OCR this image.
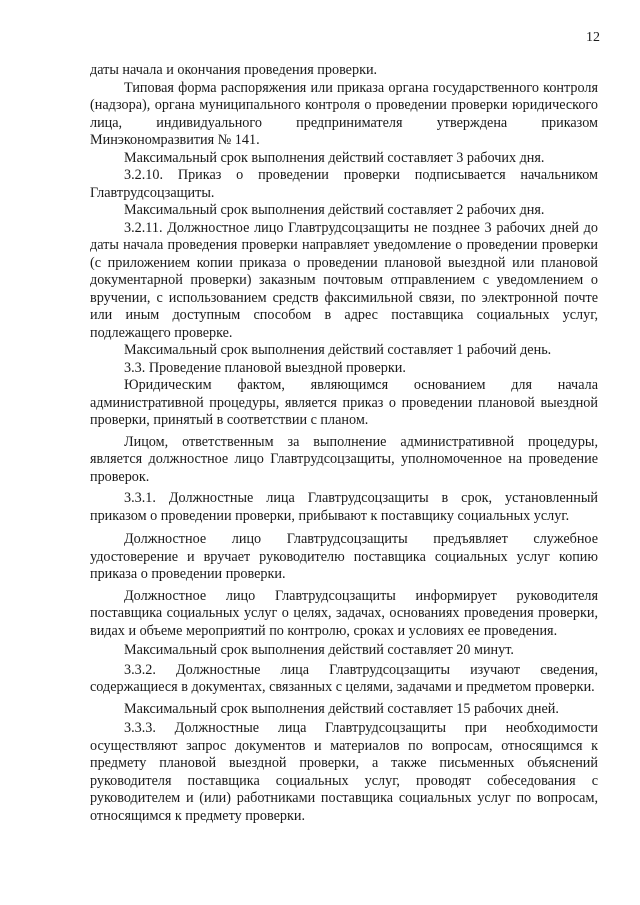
12

даты начала и окончания проведения проверки.

Типовая форма распоряжения или приказа органа государственного контроля (надзора), органа муниципального контроля о проведении проверки юридического лица, индивидуального предпринимателя утверждена приказом Минэкономразвития № 141.

Максимальный срок выполнения действий составляет 3 рабочих дня.

3.2.10. Приказ о проведении проверки подписывается начальником Главтрудсоцзащиты.

Максимальный срок выполнения действий составляет 2 рабочих дня.

3.2.11. Должностное лицо Главтрудсоцзащиты не позднее 3 рабочих дней до даты начала проведения проверки направляет уведомление о проведении проверки (с приложением копии приказа о проведении плановой выездной или плановой документарной проверки) заказным почтовым отправлением с уведомлением о вручении, с использованием средств факсимильной связи, по электронной почте или иным доступным способом в адрес поставщика социальных услуг, подлежащего проверке.

Максимальный срок выполнения действий составляет 1 рабочий день.

3.3. Проведение плановой выездной проверки.

Юридическим фактом, являющимся основанием для начала административной процедуры, является приказ о проведении плановой выездной проверки, принятый в соответствии с планом.

Лицом, ответственным за выполнение административной процедуры, является должностное лицо Главтрудсоцзащиты, уполномоченное на проведение проверок.

3.3.1. Должностные лица Главтрудсоцзащиты в срок, установленный приказом о проведении проверки, прибывают к поставщику социальных услуг.

Должностное лицо Главтрудсоцзащиты предъявляет служебное удостоверение и вручает руководителю поставщика социальных услуг копию приказа о проведении проверки.

Должностное лицо Главтрудсоцзащиты информирует руководителя поставщика социальных услуг о целях, задачах, основаниях проведения проверки, видах и объеме мероприятий по контролю, сроках и условиях ее проведения.

Максимальный срок выполнения действий составляет 20 минут.

3.3.2. Должностные лица Главтрудсоцзащиты изучают сведения, содержащиеся в документах, связанных с целями, задачами и предметом проверки.

Максимальный срок выполнения действий составляет 15 рабочих дней.

3.3.3. Должностные лица Главтрудсоцзащиты при необходимости осуществляют запрос документов и материалов по вопросам, относящимся к предмету плановой выездной проверки, а также письменных объяснений руководителя поставщика социальных услуг, проводят собеседования с руководителем и (или) работниками поставщика социальных услуг по вопросам, относящимся к предмету проверки.
